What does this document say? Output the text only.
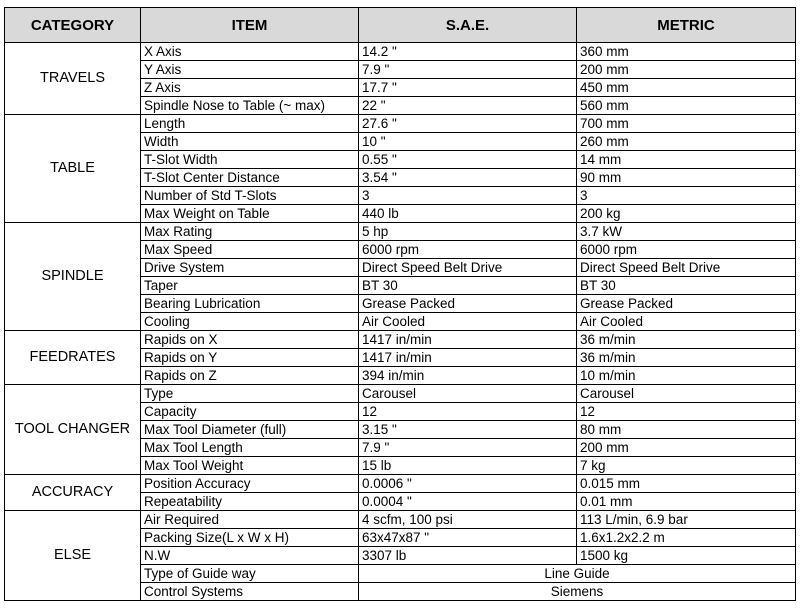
CATEGORY	ITEM	S.A.E.	METRIC
TRAVELS	X Axis	14.2 "	360 mm
	Y Axis	7.9 "	200 mm
	Z Axis	17.7 "	450 mm
	Spindle Nose to Table (~ max)	22 "	560 mm
TABLE	Length	27.6 "	700 mm
	Width	10 "	260 mm
	T-Slot Width	0.55 "	14 mm
	T-Slot Center Distance	3.54 "	90 mm
	Number of Std T-Slots	3	3
	Max Weight on Table	440 lb	200 kg
SPINDLE	Max Rating	5 hp	3.7 kW
	Max Speed	6000 rpm	6000 rpm
	Drive System	Direct Speed Belt Drive	Direct Speed Belt Drive
	Taper	BT 30	BT 30
	Bearing Lubrication	Grease Packed	Grease Packed
	Cooling	Air Cooled	Air Cooled
FEEDRATES	Rapids on X	1417 in/min	36 m/min
	Rapids on Y	1417 in/min	36 m/min
	Rapids on Z	394 in/min	10 m/min
TOOL CHANGER	Type	Carousel	Carousel
	Capacity	12	12
	Max Tool Diameter (full)	3.15 "	80 mm
	Max Tool Length	7.9 "	200 mm
	Max Tool Weight	15 lb	7 kg
ACCURACY	Position Accuracy	0.0006 "	0.015 mm
	Repeatability	0.0004 "	0.01 mm
ELSE	Air Required	4 scfm, 100 psi	113 L/min, 6.9 bar
	Packing Size(L x W x H)	63x47x87 "	1.6x1.2x2.2 m
	N.W	3307 lb	1500 kg
	Type of Guide way	Line Guide	
	Control Systems	Siemens	
